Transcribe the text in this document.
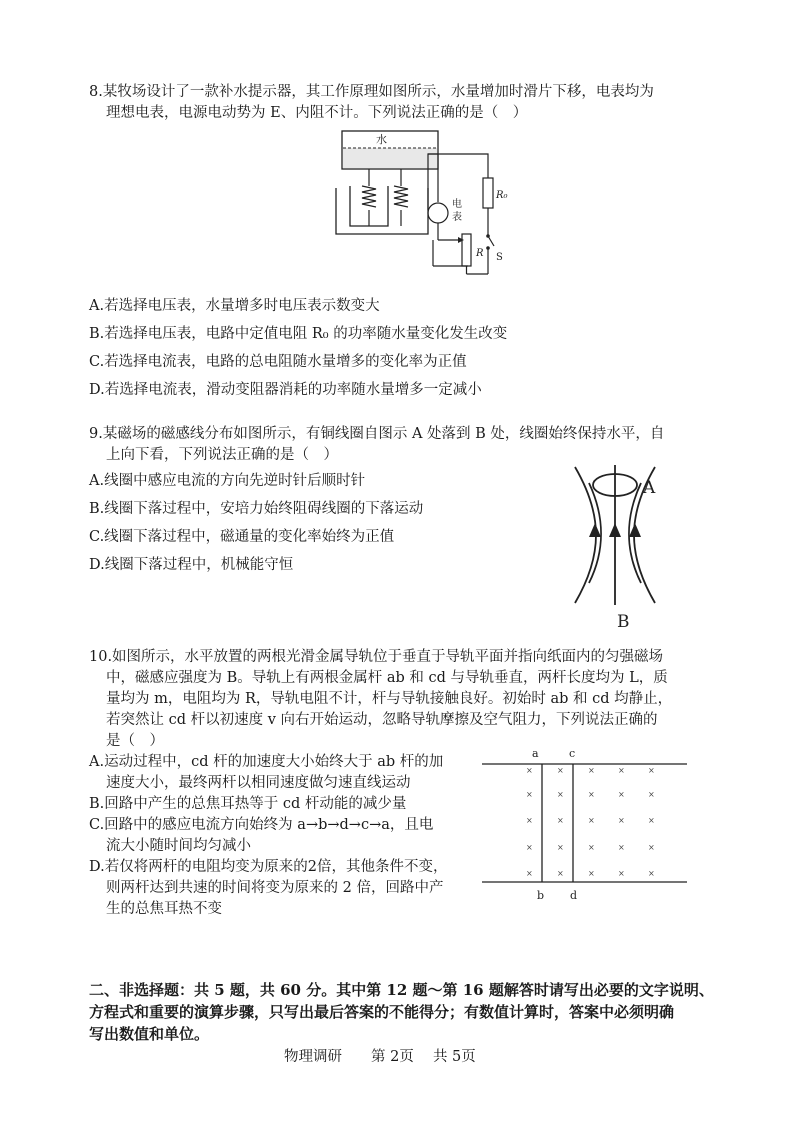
8.某牧场设计了一款补水提示器，其工作原理如图所示，水量增加时滑片下移，电表均为
理想电表，电源电动势为 E、内阻不计。下列说法正确的是（　）
水
电
表
R₀
R S
A.若选择电压表，水量增多时电压表示数变大
B.若选择电压表，电路中定值电阻 R₀ 的功率随水量变化发生改变
C.若选择电流表，电路的总电阻随水量增多的变化率为正值
D.若选择电流表，滑动变阻器消耗的功率随水量增多一定减小
9.某磁场的磁感线分布如图所示，有铜线圈自图示 A 处落到 B 处，线圈始终保持水平，自
上向下看，下列说法正确的是（　）
A.线圈中感应电流的方向先逆时针后顺时针
B.线圈下落过程中，安培力始终阻碍线圈的下落运动
C.线圈下落过程中，磁通量的变化率始终为正值
D.线圈下落过程中，机械能守恒
A
B
10.如图所示，水平放置的两根光滑金属导轨位于垂直于导轨平面并指向纸面内的匀强磁场
中，磁感应强度为 B。导轨上有两根金属杆 ab 和 cd 与导轨垂直，两杆长度均为 L，质
量均为 m，电阻均为 R，导轨电阻不计，杆与导轨接触良好。初始时 ab 和 cd 均静止，
若突然让 cd 杆以初速度 v 向右开始运动，忽略导轨摩擦及空气阻力，下列说法正确的
是（　）
A.运动过程中，cd 杆的加速度大小始终大于 ab 杆的加
速度大小，最终两杆以相同速度做匀速直线运动
B.回路中产生的总焦耳热等于 cd 杆动能的减少量
C.回路中的感应电流方向始终为 a→b→d→c→a，且电
流大小随时间均匀减小
D.若仅将两杆的电阻均变为原来的2倍，其他条件不变，
则两杆达到共速的时间将变为原来的 2 倍，回路中产
生的总焦耳热不变
a	c
b d
×	×	×	×	×
×	×	×	×	×
×	×	×	×	×
×	×	×	×	×
×	×	×	×	×
二、非选择题：共 5 题，共 60 分。其中第 12 题～第 16 题解答时请写出必要的文字说明、
方程式和重要的演算步骤，只写出最后答案的不能得分；有数值计算时，答案中必须明确
写出数值和单位。
物理调研　　第 2页　 共 5页
